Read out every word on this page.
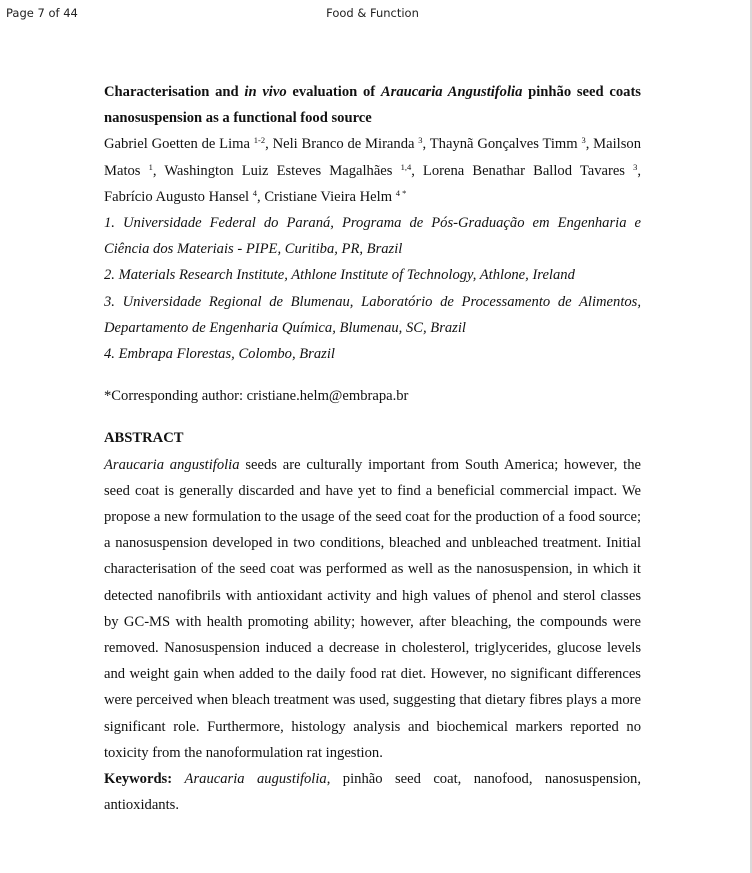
Page 7 of 44	Food & Function

Characterisation and in vivo evaluation of Araucaria Angustifolia pinhão seed coats nanosuspension as a functional food source

Gabriel Goetten de Lima $^{1-2}$, Neli Branco de Miranda $^3$, Thaynã Gonçalves Timm $^3$, Mailson Matos $^1$, Washington Luiz Esteves Magalhães $^{1,4}$, Lorena Benathar Ballod Tavares $^3$, Fabrício Augusto Hansel $^4$, Cristiane Vieira Helm $^{4 *}$

1. Universidade Federal do Paraná, Programa de Pós-Graduação em Engenharia e Ciência dos Materiais - PIPE, Curitiba, PR, Brazil

2. Materials Research Institute, Athlone Institute of Technology, Athlone, Ireland

3. Universidade Regional de Blumenau, Laboratório de Processamento de Alimentos, Departamento de Engenharia Química, Blumenau, SC, Brazil

4. Embrapa Florestas, Colombo, Brazil

*Corresponding author: cristiane.helm@embrapa.br

ABSTRACT

Araucaria angustifolia seeds are culturally important from South America; however, the seed coat is generally discarded and have yet to find a beneficial commercial impact. We propose a new formulation to the usage of the seed coat for the production of a food source; a nanosuspension developed in two conditions, bleached and unbleached treatment. Initial characterisation of the seed coat was performed as well as the nanosuspension, in which it detected nanofibrils with antioxidant activity and high values of phenol and sterol classes by GC-MS with health promoting ability; however, after bleaching, the compounds were removed. Nanosuspension induced a decrease in cholesterol, triglycerides, glucose levels and weight gain when added to the daily food rat diet. However, no significant differences were perceived when bleach treatment was used, suggesting that dietary fibres plays a more significant role. Furthermore, histology analysis and biochemical markers reported no toxicity from the nanoformulation rat ingestion.

Keywords: Araucaria augustifolia, pinhão seed coat, nanofood, nanosuspension, antioxidants.
